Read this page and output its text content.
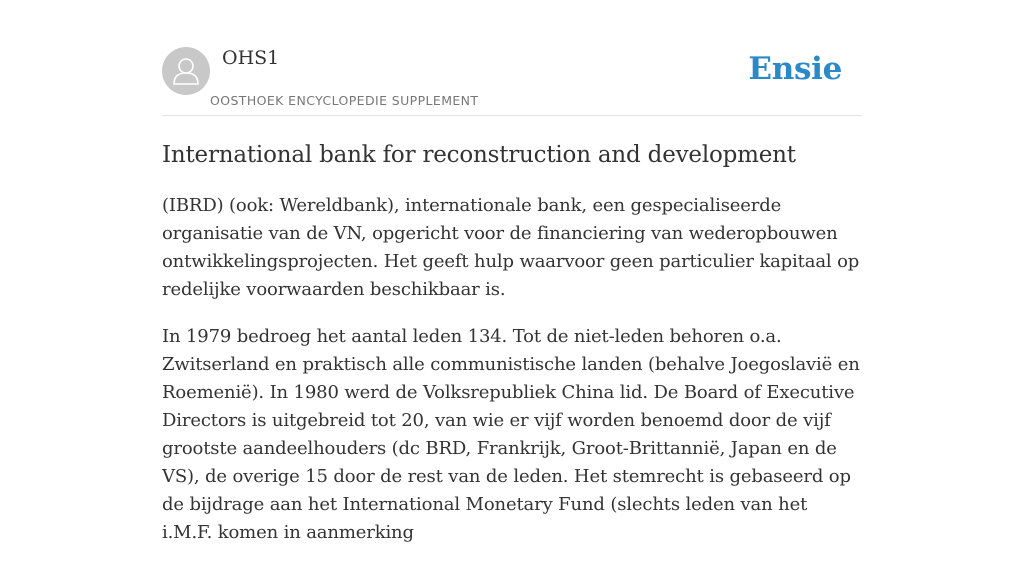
OHS1
OOSTHOEK ENCYCLOPEDIE SUPPLEMENT
Ensie
International bank for reconstruction and development

(IBRD) (ook: Wereldbank), internationale bank, een gespecialiseerde organisatie van de VN, opgericht voor de financiering van wederopbouwen ontwikkelingsprojecten. Het geeft hulp waarvoor geen particulier kapitaal op redelijke voorwaarden beschikbaar is.

In 1979 bedroeg het aantal leden 134. Tot de niet-leden behoren o.a. Zwitserland en praktisch alle communistische landen (behalve Joegoslavië en Roemenië). In 1980 werd de Volksrepubliek China lid. De Board of Executive Directors is uitgebreid tot 20, van wie er vijf worden benoemd door de vijf grootste aandeelhouders (dc BRD, Frankrijk, Groot-Brittannië, Japan en de VS), de overige 15 door de rest van de leden. Het stemrecht is gebaseerd op de bijdrage aan het International Monetary Fund (slechts leden van het i.M.F. komen in aanmerking
